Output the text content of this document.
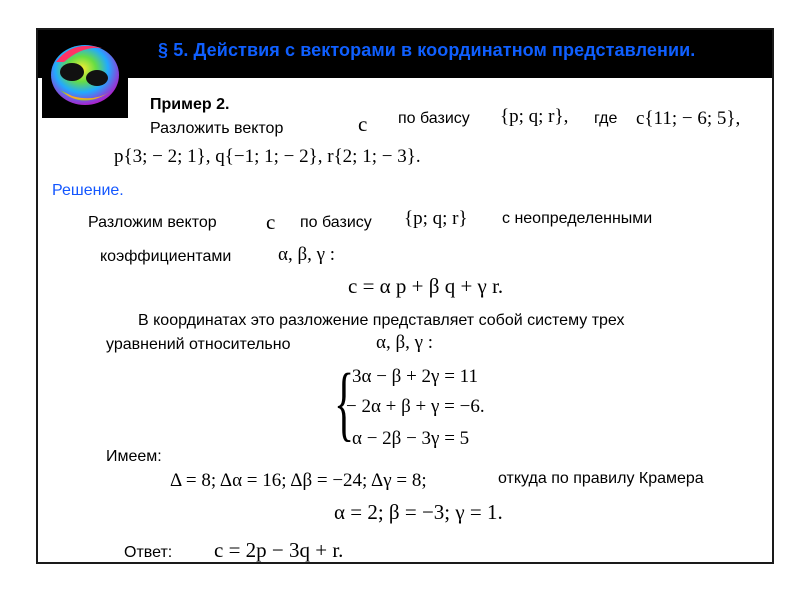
§ 5. Действия с векторами в координатном представлении.
Пример 2.
Разложить вектор	c по базису {p; q; r}, где c{11; − 6; 5},
p{3; − 2; 1}, q{−1; 1; − 2}, r{2; 1; − 3}.
Решение.
Разложим вектор c по базису {p; q; r} с неопределенными
коэффициентами α, β, γ :
c = α p + β q + γ r.
В координатах это разложение представляет собой систему трех
уравнений относительно	α, β, γ :
{
3α − β + 2γ = 11
− 2α + β + γ = −6.
α − 2β − 3γ = 5
Имеем:
Δ = 8; Δα = 16; Δβ = −24; Δγ = 8;	откуда по правилу Крамера
α = 2; β = −3; γ = 1.
Ответ: c = 2p − 3q + r.
